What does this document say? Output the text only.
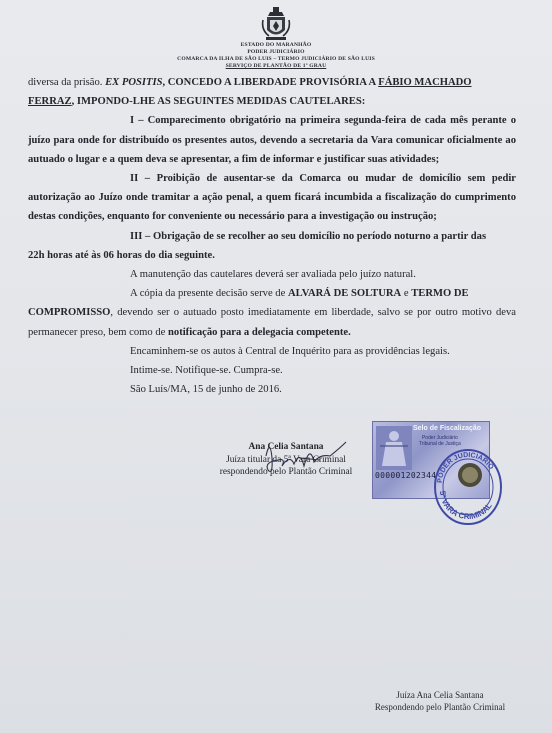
ESTADO DO MARANHÃO
PODER JUDICIÁRIO
COMARCA DA ILHA DE SÃO LUIS – TERMO JUDICIÁRIO DE SÃO LUIS
SERVIÇO DE PLANTÃO DE 1º GRAU

diversa da prisão. EX POSITIS, CONCEDO A LIBERDADE PROVISÓRIA A FÁBIO MACHADO
FERRAZ, IMPONDO-LHE AS SEGUINTES MEDIDAS CAUTELARES:

I – Comparecimento obrigatório na primeira segunda-feira de cada mês perante o juízo para onde for distribuído os presentes autos, devendo a secretaria da Vara comunicar oficialmente ao autuado o lugar e a quem deva se apresentar, a fim de informar e justificar suas atividades;

II – Proibição de ausentar-se da Comarca ou mudar de domicílio sem pedir autorização ao Juízo onde tramitar a ação penal, a quem ficará incumbida a fiscalização do cumprimento destas condições, enquanto for conveniente ou necessário para a investigação ou instrução;

III – Obrigação de se recolher ao seu domicílio no período noturno a partir das
22h horas até às 06 horas do dia seguinte.

A manutenção das cautelares deverá ser avaliada pelo juízo natural.

A cópia da presente decisão serve de ALVARÁ DE SOLTURA e TERMO DE
COMPROMISSO, devendo ser o autuado posto imediatamente em liberdade, salvo se por outro motivo deva permanecer preso, bem como de notificação para a delegacia competente.

Encaminhem-se os autos à Central de Inquérito para as providências legais.

Intime-se. Notifique-se. Cumpra-se.

São Luís/MA, 15 de junho de 2016.

Ana Celia Santana
Juíza titular da 5ª Vara Criminal
respondendo pelo Plantão Criminal
Selo de Fiscalização
Poder Judiciário
Tribunal de Justiça
000001202344
PODER JUDICIÁRIO
5ª VARA CRIMINAL
Juíza Ana Celia Santana
Respondendo pelo Plantão Criminal
